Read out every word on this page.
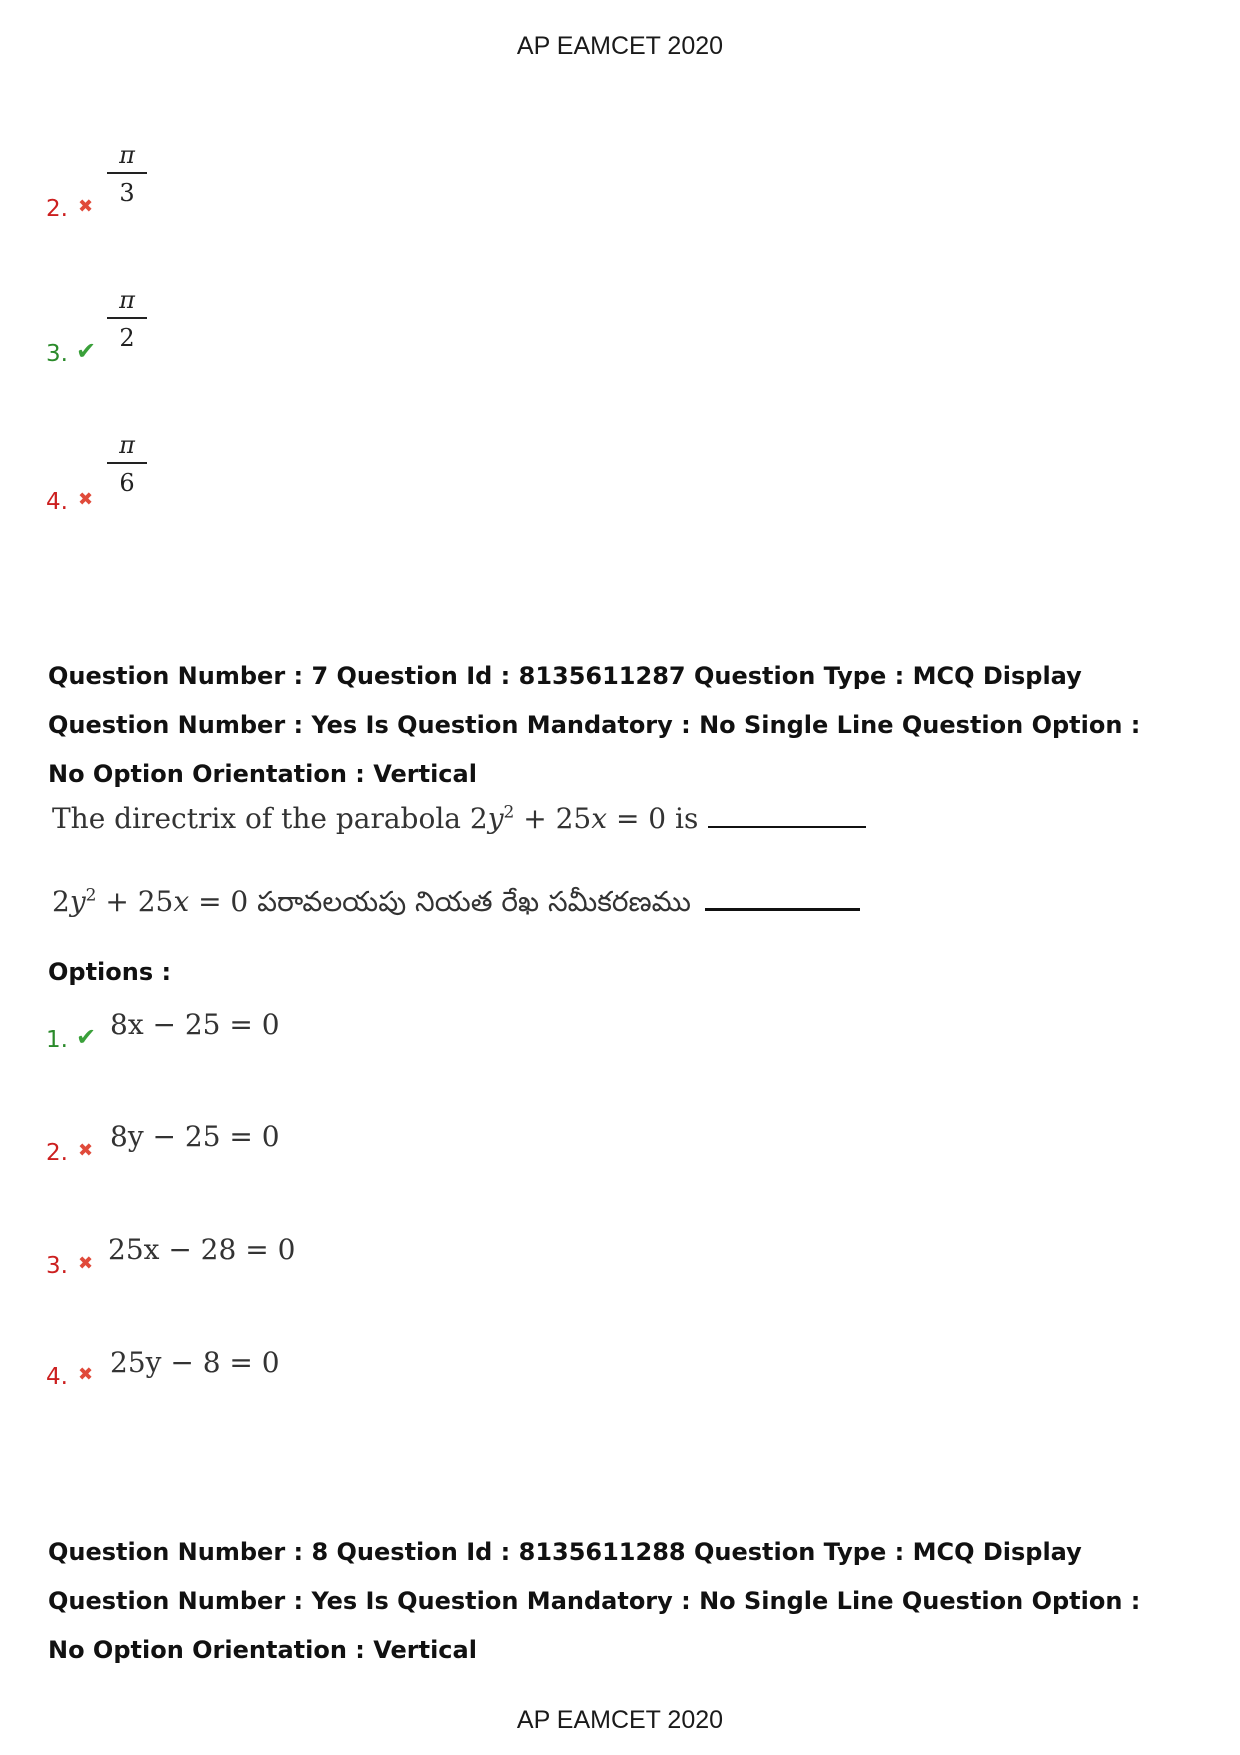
AP EAMCET 2020
2. ✖
π
3
3. ✔
π
2
4. ✖
π
6
Question Number : 7 Question Id : 8135611287 Question Type : MCQ Display Question Number : Yes Is Question Mandatory : No Single Line Question Option : No Option Orientation : Vertical
The directrix of the parabola $2y^2 + 25x = 0$ is
$2y^2 + 25x = 0$ పరావలయపు నియత రేఖ సమీకరణము
Options :
1. ✔ 8x − 25 = 0
2. ✖ 8y − 25 = 0
3. ✖ 25x − 28 = 0
4. ✖ 25y − 8 = 0
Question Number : 8 Question Id : 8135611288 Question Type : MCQ Display Question Number : Yes Is Question Mandatory : No Single Line Question Option : No Option Orientation : Vertical
AP EAMCET 2020
